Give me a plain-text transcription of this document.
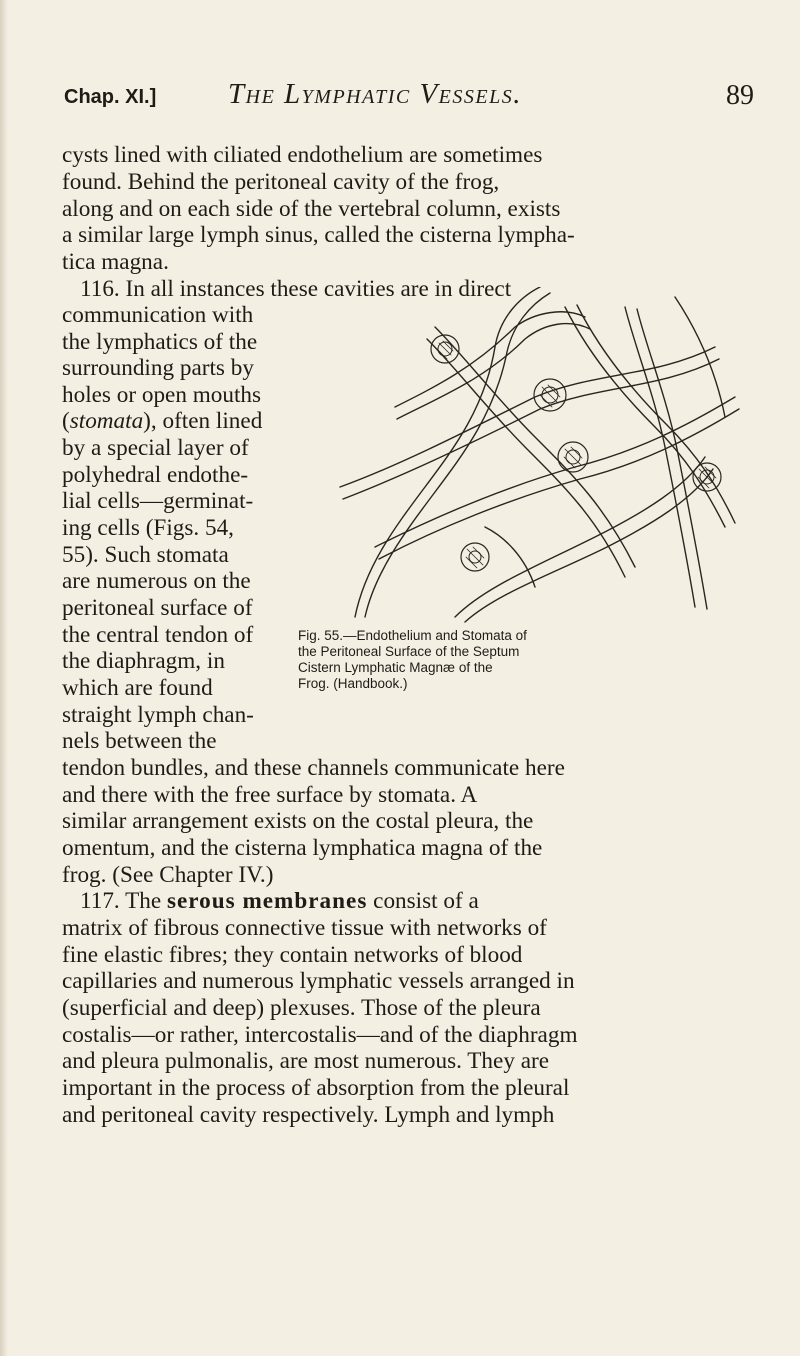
Chap. XI.] The Lymphatic Vessels.	89

cysts lined with ciliated endothelium are sometimes

found. Behind the peritoneal cavity of the frog,

along and on each side of the vertebral column, exists

a similar large lymph sinus, called the cisterna lympha-

tica magna.

116. In all instances these cavities are in direct

communication with
the lymphatics of the
surrounding parts by
holes or open mouths

(stomata), often lined

by a special layer of

polyhedral endothe-

lial cells—germinat-

ing cells (Figs. 54,

55). Such stomata

are numerous on the

peritoneal surface of

the central tendon of

the diaphragm, in

which are found

straight lymph chan-

nels between the

Fig. 55.—Endothelium and Stomata of
the Peritoneal Surface of the Septum
Cistern Lymphatic Magnæ of the
Frog. (Handbook.)

tendon bundles, and these channels communicate here

and there with the free surface by stomata. A

similar arrangement exists on the costal pleura, the

omentum, and the cisterna lymphatica magna of the

frog. (See Chapter IV.)

117. The serous membranes consist of a

matrix of fibrous connective tissue with networks of

fine elastic fibres; they contain networks of blood

capillaries and numerous lymphatic vessels arranged in

(superficial and deep) plexuses. Those of the pleura

costalis—or rather, intercostalis—and of the diaphragm

and pleura pulmonalis, are most numerous. They are

important in the process of absorption from the pleural

and peritoneal cavity respectively. Lymph and lymph
